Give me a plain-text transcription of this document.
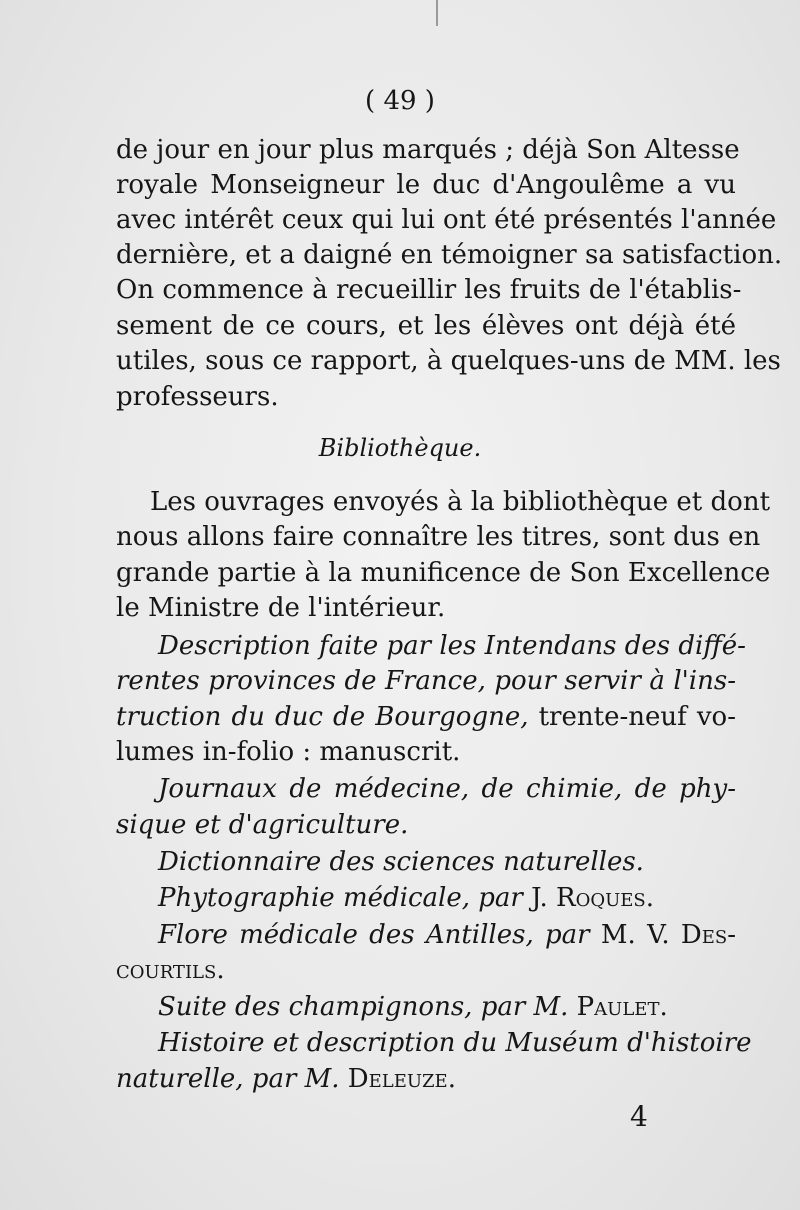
( 49 )
de jour en jour plus marqués ; déjà Son Altesse
royale Monseigneur le duc d'Angoulême a vu
avec intérêt ceux qui lui ont été présentés l'année
dernière, et a daigné en témoigner sa satisfaction.
On commence à recueillir les fruits de l'établis-
sement de ce cours, et les élèves ont déjà été
utiles, sous ce rapport, à quelques-uns de MM. les
professeurs.
Bibliothèque.
Les ouvrages envoyés à la bibliothèque et dont
nous allons faire connaître les titres, sont dus en
grande partie à la munificence de Son Excellence
le Ministre de l'intérieur.
Description faite par les Intendans des diffé-
rentes provinces de France, pour servir à l'ins-
truction du duc de Bourgogne, trente-neuf vo-
lumes in-folio : manuscrit.
Journaux de médecine, de chimie, de phy-
sique et d'agriculture.
Dictionnaire des sciences naturelles.
Phytographie médicale, par J. Roques.
Flore médicale des Antilles, par M. V. Des-
courtils.
Suite des champignons, par M. Paulet.
Histoire et description du Muséum d'histoire
naturelle, par M. Deleuze.
4
